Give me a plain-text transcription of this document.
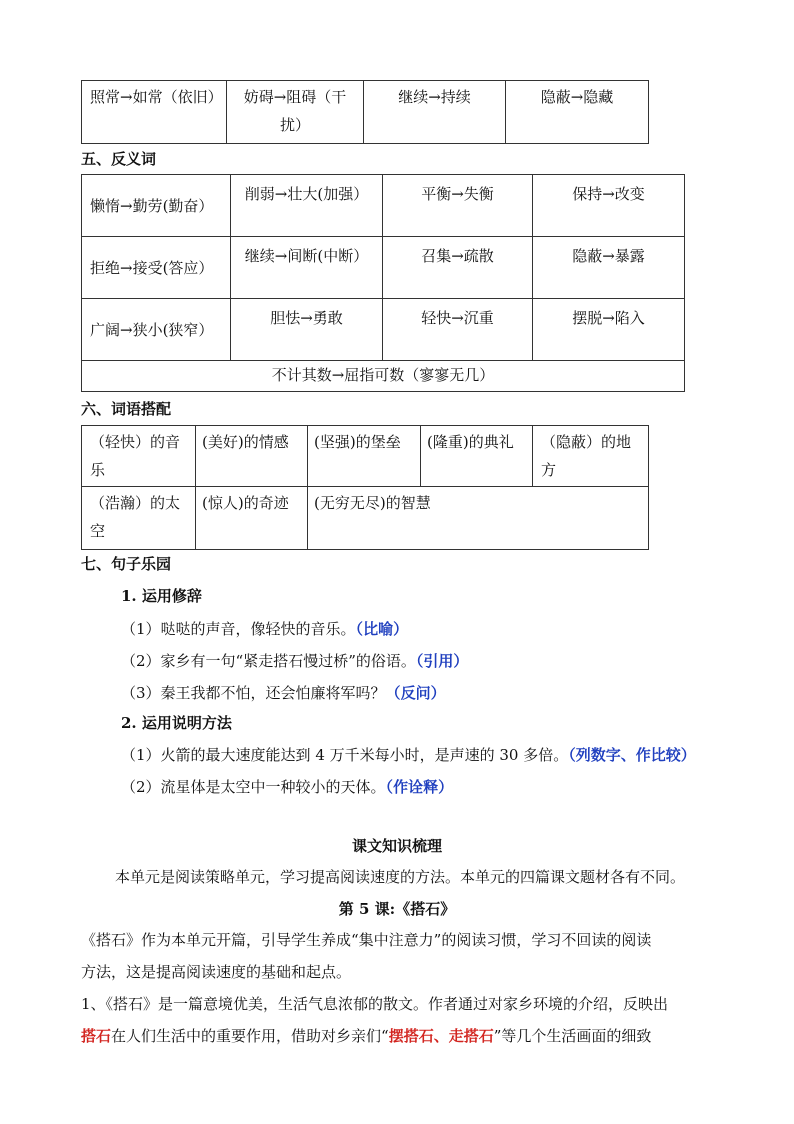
照常→如常（依旧）	妨碍→阻碍（干扰）	继续→持续	隐蔽→隐藏
五、反义词
懒惰→勤劳(勤奋）	削弱→壮大(加强）	平衡→失衡	保持→改变
拒绝→接受(答应）	继续→间断(中断）	召集→疏散	隐蔽→暴露
广阔→狭小(狭窄）	胆怯→勇敢	轻快→沉重	摆脱→陷入
不计其数→屈指可数（寥寥无几）			
六、词语搭配
（轻快）的音乐	(美好)的情感	(坚强)的堡垒	(隆重)的典礼	（隐蔽）的地方
（浩瀚）的太空	(惊人)的奇迹	(无穷无尽)的智慧		
七、句子乐园
1. 运用修辞
（1）哒哒的声音，像轻快的音乐。（比喻）
（2）家乡有一句“紧走搭石慢过桥”的俗语。（引用）
（3）秦王我都不怕，还会怕廉将军吗？（反问）
2. 运用说明方法
（1）火箭的最大速度能达到 4 万千米每小时，是声速的 30 多倍。（列数字、作比较）
（2）流星体是太空中一种较小的天体。（作诠释）
课文知识梳理
本单元是阅读策略单元，学习提高阅读速度的方法。本单元的四篇课文题材各有不同。
第 5 课:《搭石》
《搭石》作为本单元开篇，引导学生养成“集中注意力”的阅读习惯，学习不回读的阅读
方法，这是提高阅读速度的基础和起点。
1、《搭石》是一篇意境优美，生活气息浓郁的散文。作者通过对家乡环境的介绍，反映出
搭石在人们生活中的重要作用，借助对乡亲们“摆搭石、走搭石”等几个生活画面的细致
